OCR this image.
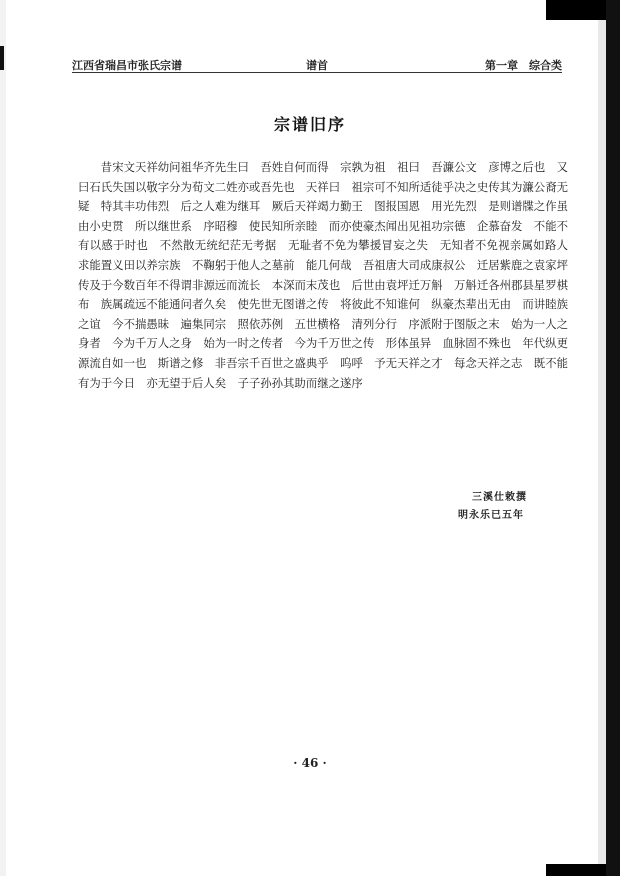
江西省瑞昌市张氏宗谱	谱首	第一章　综合类
宗谱旧序
昔宋文天祥幼问祖华齐先生曰　吾姓自何而得　宗孰为祖　祖曰　吾濂公文　彦博之后也　又曰石氏失国以敬字分为荀文二姓亦或吾先也　天祥曰　祖宗可不知所适徒乎决之史传其为濂公裔无疑　特其丰功伟烈　后之人难为继耳　厥后天祥竭力勤王　图报国恩　用光先烈　是则谱牒之作虽由小史贯　所以继世系　序昭穆　使民知所亲睦　而亦使豪杰闻出见祖功宗德　企慕奋发　不能不有以感于时也　不然散无统纪茫无考据　无耻者不免为攀援冒妄之失　无知者不免视亲属如路人　求能置义田以养宗族　不鞠躬于他人之墓前　能几何哉　吾祖唐大司成康叔公　迁居紫鹿之袁家坪　传及于今数百年不得谓非源远而流长　本深而末茂也　后世由袁坪迁万斛　万斛迁各州郡县星罗棋布　族属疏远不能通问者久矣　使先世无图谱之传　将彼此不知谁何　纵豪杰辈出无由　而讲睦族之谊　今不揣愚昧　遍集同宗　照依苏例　五世横格　清列分行　序派附于图版之末　始为一人之身者　今为千万人之身　始为一时之传者　今为千万世之传　形体虽异　血脉固不殊也　年代纵更　源流自如一也　斯谱之修　非吾宗千百世之盛典乎　呜呼　予无天祥之才　每念天祥之志　既不能有为于今日　亦无望于后人矣　子子孙孙其助而继之遂序
三溪仕敕撰
明永乐已五年
· 46 ·
